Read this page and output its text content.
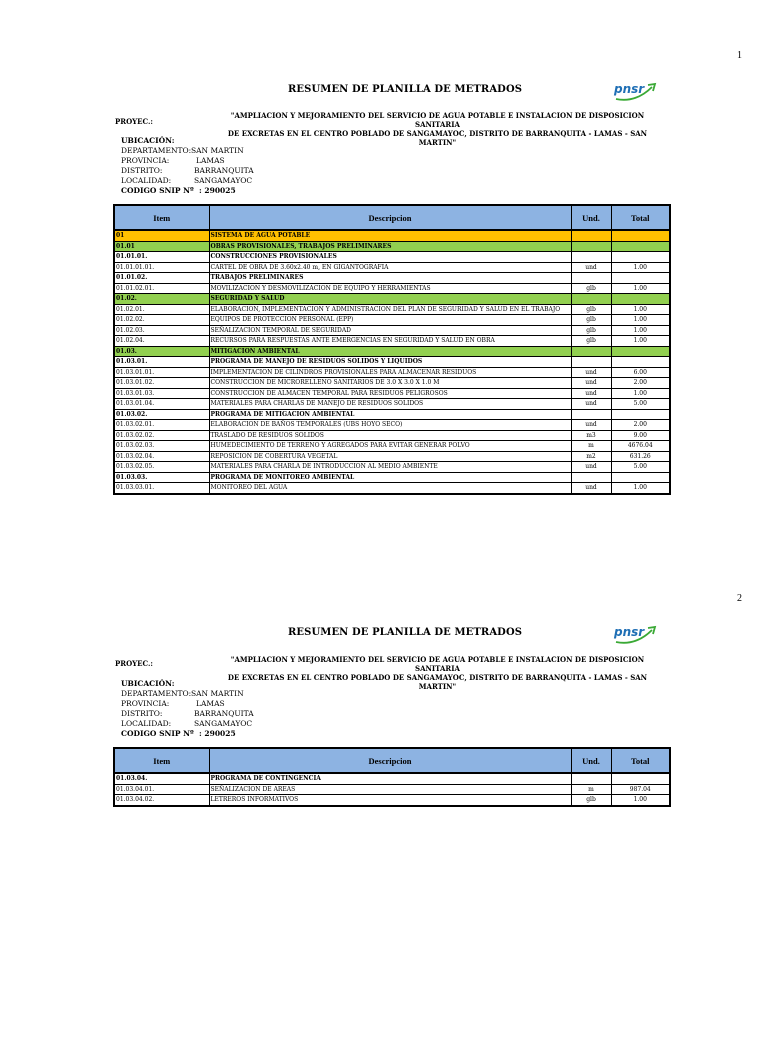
1
RESUMEN DE PLANILLA DE METRADOS	pnsr
PROYEC.:
"AMPLIACION Y MEJORAMIENTO DEL SERVICIO DE AGUA POTABLE E INSTALACION DE DISPOSICION SANITARIA
DE EXCRETAS EN EL CENTRO POBLADO DE SANGAMAYOC, DISTRITO DE BARRANQUITA - LAMAS - SAN MARTIN"
UBICACIÓN:
DEPARTAMENTO: SAN MARTIN
PROVINCIA:	LAMAS
DISTRITO:	BARRANQUITA
LOCALIDAD:	SANGAMAYOC
CODIGO SNIP Nº : 290025
Item	Descripcion	Und.	Total
01	SISTEMA DE AGUA POTABLE		
01.01	OBRAS PROVISIONALES, TRABAJOS PRELIMINARES		
01.01.01.	CONSTRUCCIONES PROVISIONALES		
01.01.01.01.	CARTEL DE OBRA DE 3.60x2.40 m, EN GIGANTOGRAFIA	und	1.00
01.01.02.	TRABAJOS PRELIMINARES		
01.01.02.01.	MOVILIZACION Y DESMOVILIZACION DE EQUIPO Y HERRAMIENTAS	glb	1.00
01.02.	SEGURIDAD Y SALUD		
01.02.01.	ELABORACION, IMPLEMENTACION Y ADMINISTRACION DEL PLAN DE SEGURIDAD Y SALUD EN EL TRABAJO	glb	1.00
01.02.02.	EQUIPOS DE PROTECCION PERSONAL (EPP)	glb	1.00
01.02.03.	SEÑALIZACION TEMPORAL DE SEGURIDAD	glb	1.00
01.02.04.	RECURSOS PARA RESPUESTAS ANTE EMERGENCIAS EN SEGURIDAD Y SALUD EN OBRA	glb	1.00
01.03.	MITIGACION AMBIENTAL		
01.03.01.	PROGRAMA DE MANEJO DE RESIDUOS SOLIDOS Y LIQUIDOS		
01.03.01.01.	IMPLEMENTACION DE CILINDROS PROVISIONALES PARA ALMACENAR RESIDUOS	und	6.00
01.03.01.02.	CONSTRUCCION DE MICRORELLENO SANITARIOS DE 3.0 X 3.0 X 1.0 M	und	2.00
01.03.01.03.	CONSTRUCCION DE ALMACEN TEMPORAL PARA RESIDUOS PELIGROSOS	und	1.00
01.03.01.04.	MATERIALES PARA CHARLAS DE MANEJO DE RESIDUOS SOLIDOS	und	5.00
01.03.02.	PROGRAMA DE MITIGACION AMBIENTAL		
01.03.02.01.	ELABORACION DE BAÑOS TEMPORALES (UBS HOYO SECO)	und	2.00
01.03.02.02.	TRASLADO DE RESIDUOS SOLIDOS	m3	9.00
01.03.02.03.	HUMEDECIMIENTO DE TERRENO Y AGREGADOS PARA EVITAR GENERAR POLVO	m	4676.04
01.03.02.04.	REPOSICION DE COBERTURA VEGETAL	m2	631.26
01.03.02.05.	MATERIALES PARA CHARLA DE INTRODUCCION AL MEDIO AMBIENTE	und	5.00
01.03.03.	PROGRAMA DE MONITOREO AMBIENTAL		
01.03.03.01.	MONITOREO DEL AGUA	und	1.00
2
RESUMEN DE PLANILLA DE METRADOS	pnsr
PROYEC.:	"AMPLIACION Y MEJORAMIENTO DEL SERVICIO DE AGUA POTABLE E INSTALACION DE DISPOSICION SANITARIA
DE EXCRETAS EN EL CENTRO POBLADO DE SANGAMAYOC, DISTRITO DE BARRANQUITA - LAMAS - SAN MARTIN"
UBICACIÓN:
DEPARTAMENTO: SAN MARTIN
PROVINCIA:	LAMAS
DISTRITO:	BARRANQUITA
LOCALIDAD:	SANGAMAYOC
CODIGO SNIP Nº : 290025
Item	Descripcion	Und.	Total
01.03.04.	PROGRAMA DE CONTINGENCIA		
01.03.04.01.	SEÑALIZACION DE AREAS	m	987.04
01.03.04.02.	LETREROS INFORMATIVOS	glb	1.00
